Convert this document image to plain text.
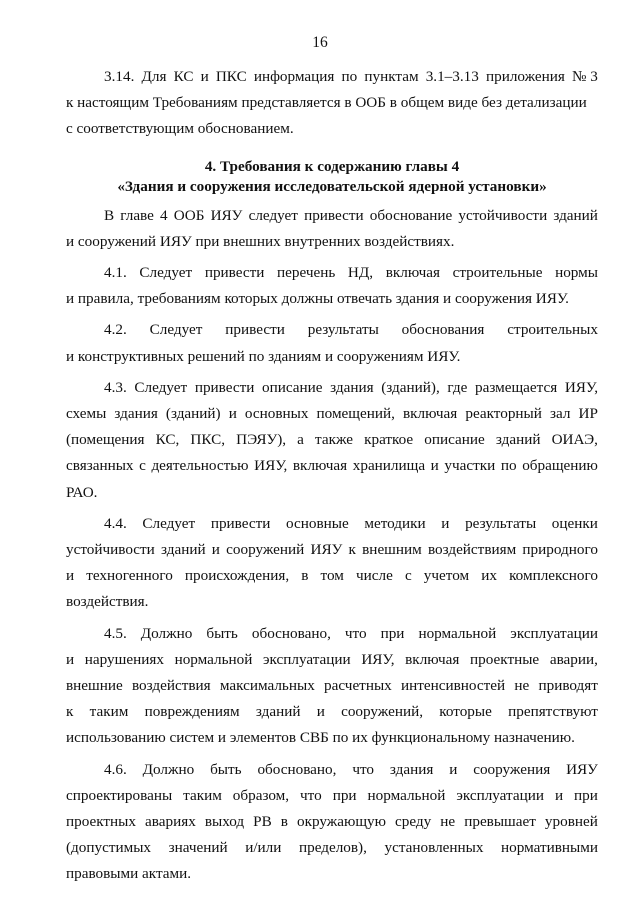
16
3.14. Для КС и ПКС информация по пунктам 3.1–3.13 приложения № 3
к настоящим Требованиям представляется в ООБ в общем виде без детализации
с соответствующим обоснованием.
4. Требования к содержанию главы 4
«Здания и сооружения исследовательской ядерной установки»
В главе 4 ООБ ИЯУ следует привести обоснование устойчивости зданий
и сооружений ИЯУ при внешних внутренних воздействиях.
4.1. Следует привести перечень НД, включая строительные нормы
и правила, требованиям которых должны отвечать здания и сооружения ИЯУ.
4.2. Следует привести результаты обоснования строительных
и конструктивных решений по зданиям и сооружениям ИЯУ.
4.3. Следует привести описание здания (зданий), где размещается ИЯУ,
схемы здания (зданий) и основных помещений, включая реакторный зал ИР
(помещения КС, ПКС, ПЭЯУ), а также краткое описание зданий ОИАЭ,
связанных с деятельностью ИЯУ, включая хранилища и участки по обращению
РАО.
4.4. Следует привести основные методики и результаты оценки
устойчивости зданий и сооружений ИЯУ к внешним воздействиям природного
и техногенного происхождения, в том числе с учетом их комплексного
воздействия.
4.5. Должно быть обосновано, что при нормальной эксплуатации
и нарушениях нормальной эксплуатации ИЯУ, включая проектные аварии,
внешние воздействия максимальных расчетных интенсивностей не приводят
к таким повреждениям зданий и сооружений, которые препятствуют
использованию систем и элементов СВБ по их функциональному назначению.
4.6. Должно быть обосновано, что здания и сооружения ИЯУ
спроектированы таким образом, что при нормальной эксплуатации и при
проектных авариях выход РВ в окружающую среду не превышает уровней
(допустимых значений и/или пределов), установленных нормативными
правовыми актами.
